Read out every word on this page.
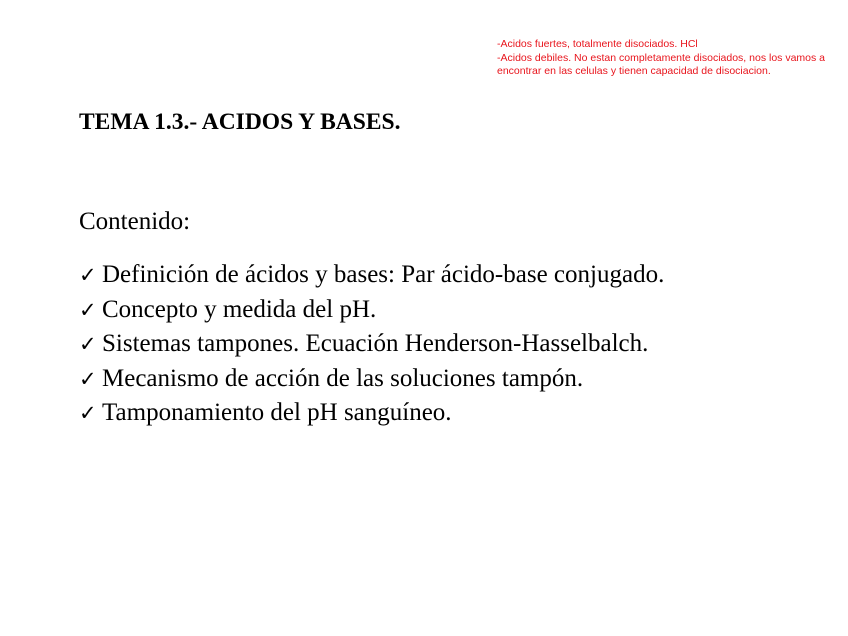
-Acidos fuertes, totalmente disociados. HCl
-Acidos debiles. No estan completamente disociados, nos los vamos a encontrar en las celulas y tienen capacidad de disociacion.
TEMA 1.3.- ACIDOS Y BASES.
Contenido:
✓ Definición de ácidos y bases: Par ácido-base conjugado.
✓ Concepto y medida del pH.
✓ Sistemas tampones. Ecuación Henderson-Hasselbalch.
✓ Mecanismo de acción de las soluciones tampón.
✓ Tamponamiento del pH sanguíneo.
